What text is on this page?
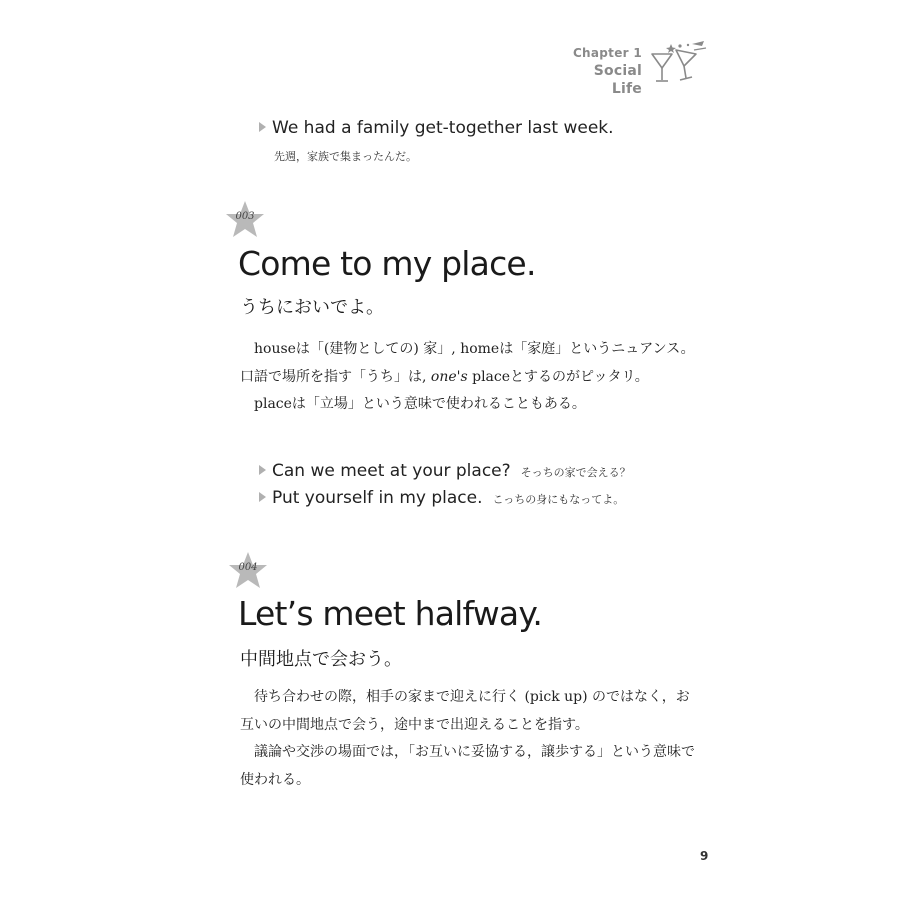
Chapter 1
Social Life
We had a family get-together last week.
先週，家族で集まったんだ。
003
Come to my place.
うちにおいでよ。

houseは「(建物としての) 家」, homeは「家庭」というニュアンス。口語で場所を指す「うち」は, one's placeとするのがピッタリ。

placeは「立場」という意味で使われることもある。

Can we meet at your place? そっちの家で会える？
Put yourself in my place. こっちの身にもなってよ。
004
Let’s meet halfway.
中間地点で会おう。

待ち合わせの際，相手の家まで迎えに行く (pick up) のではなく，お互いの中間地点で会う，途中まで出迎えることを指す。

議論や交渉の場面では，「お互いに妥協する，譲歩する」という意味で使われる。

9
